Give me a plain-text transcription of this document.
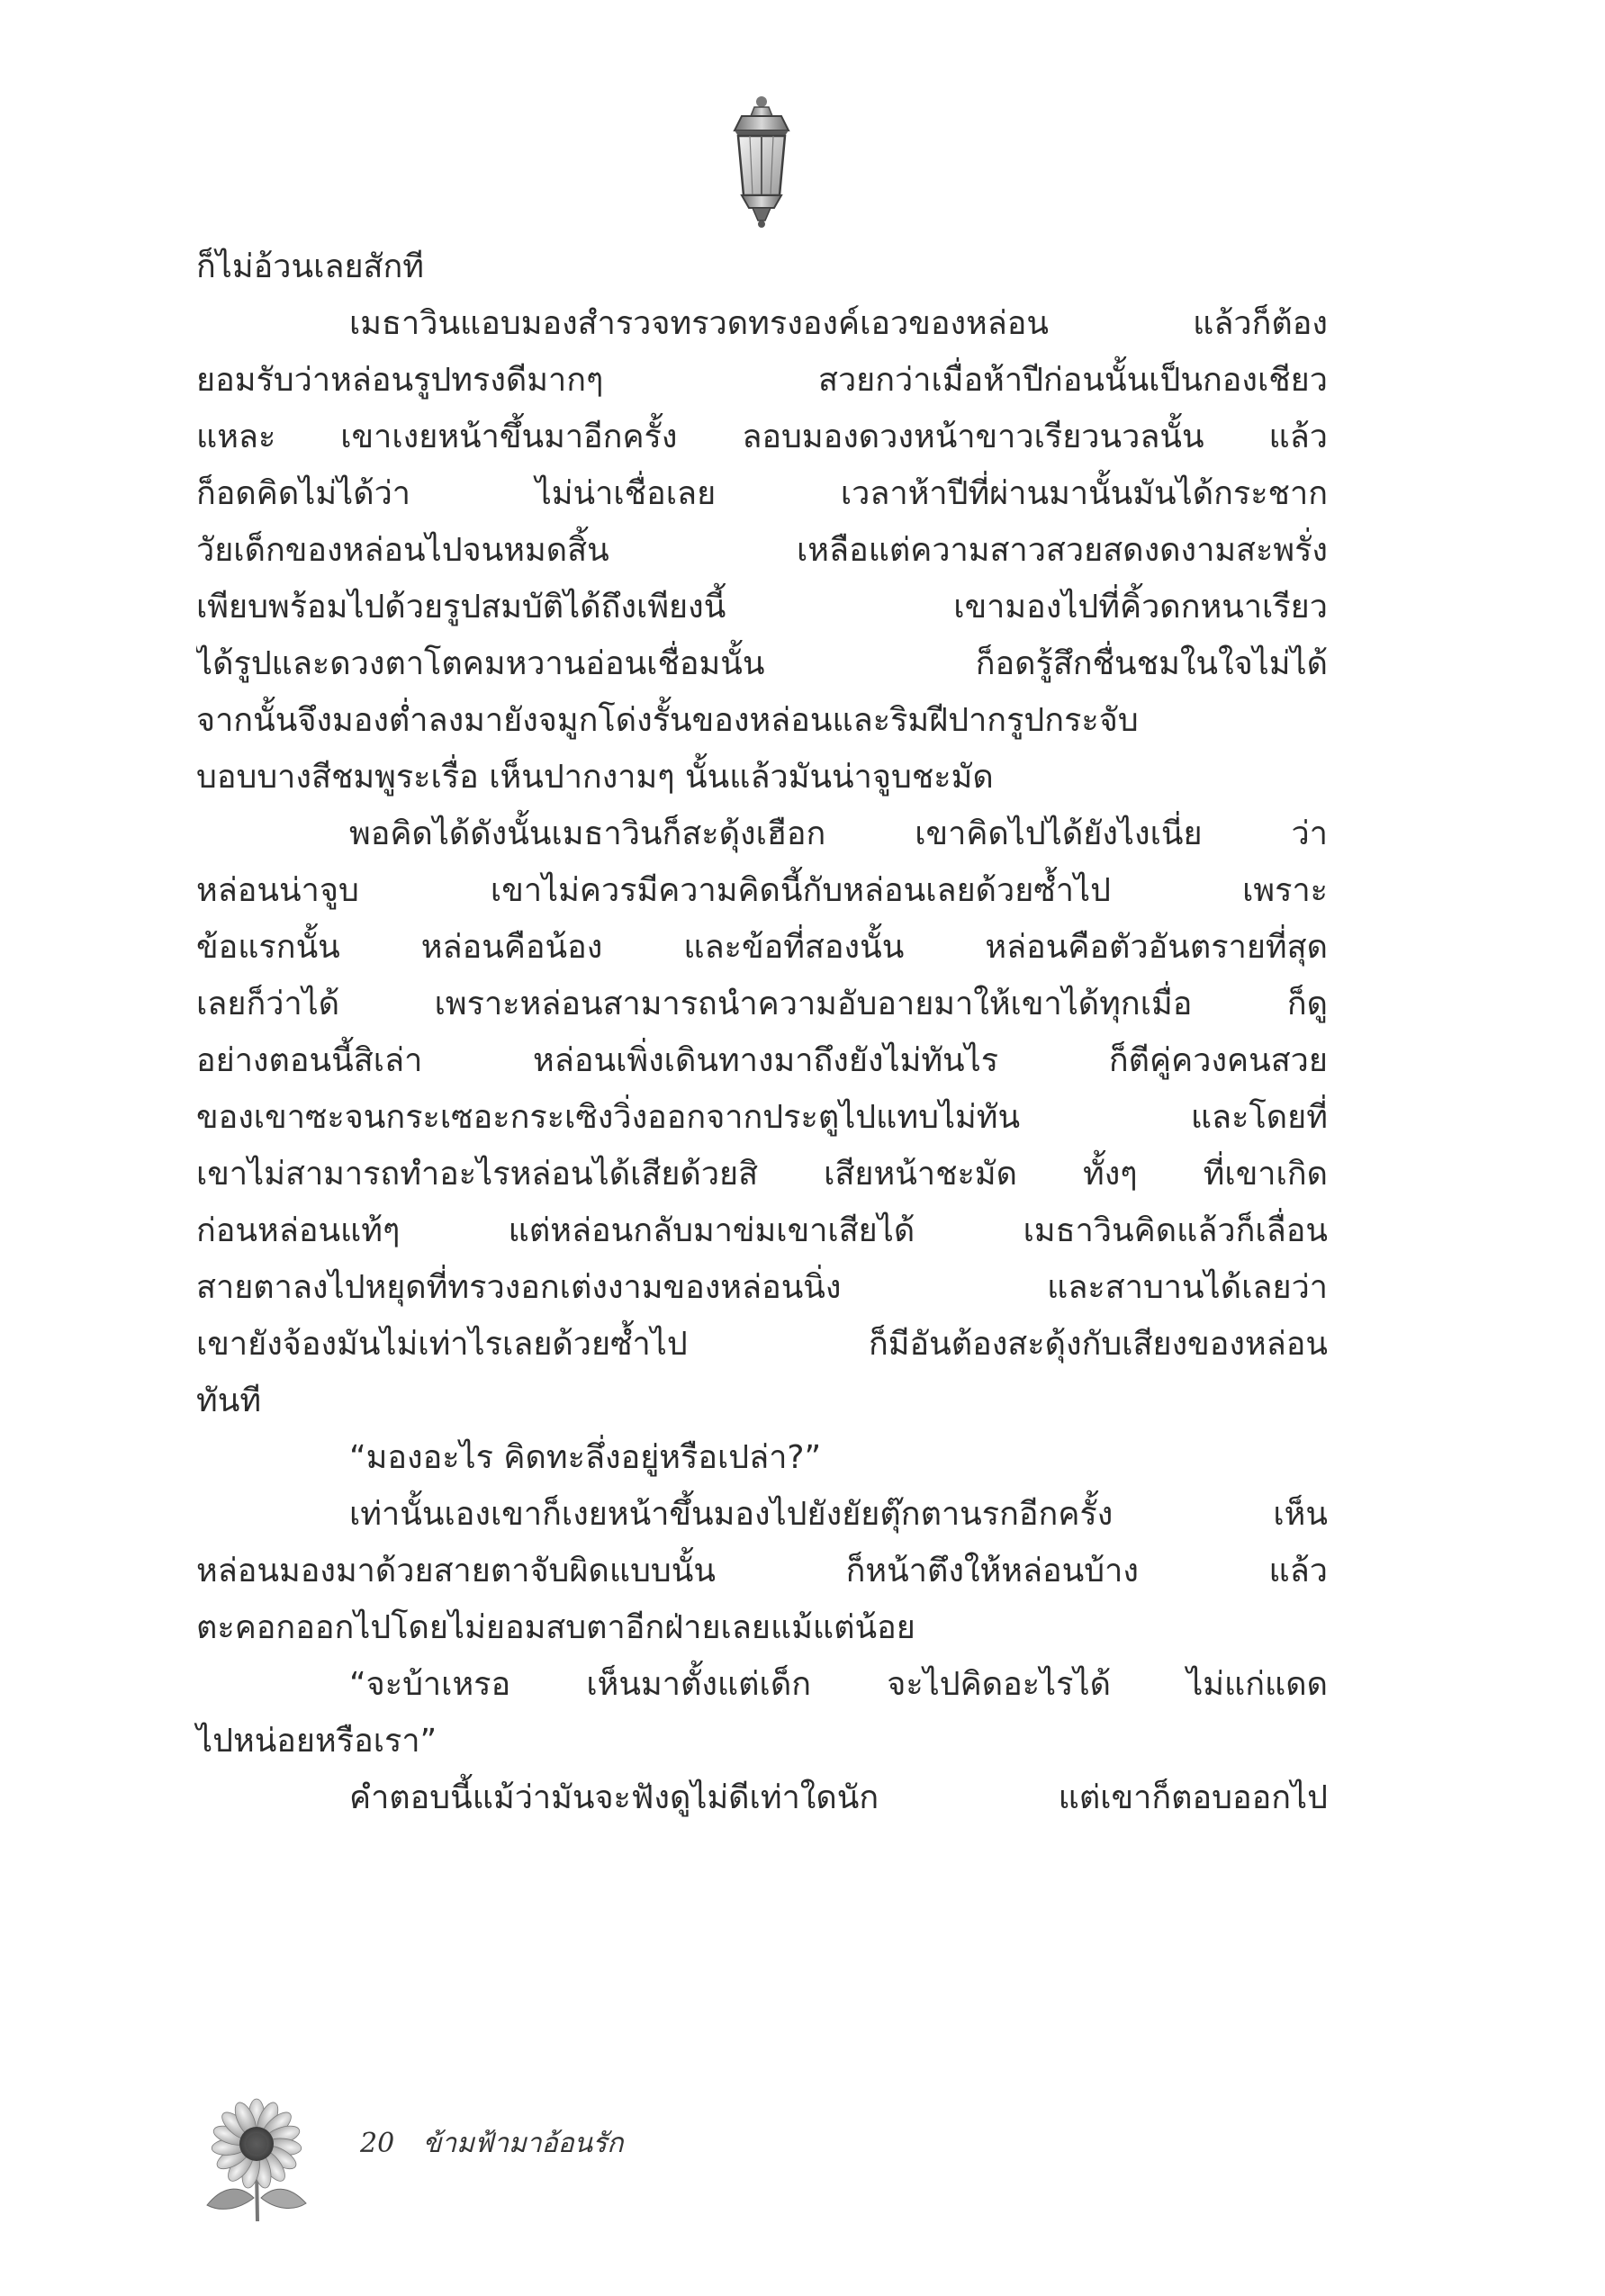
ก็ไม่อ้วนเลยสักที
เมธาวินแอบมองสำรวจทรวดทรงองค์เอวของหล่อน แล้วก็ต้อง
ยอมรับว่าหล่อนรูปทรงดีมากๆ สวยกว่าเมื่อห้าปีก่อนนั้นเป็นกองเชียว
แหละ เขาเงยหน้าขึ้นมาอีกครั้ง ลอบมองดวงหน้าขาวเรียวนวลนั้น แล้ว
ก็อดคิดไม่ได้ว่า ไม่น่าเชื่อเลย เวลาห้าปีที่ผ่านมานั้นมันได้กระชาก
วัยเด็กของหล่อนไปจนหมดสิ้น เหลือแต่ความสาวสวยสดงดงามสะพรั่ง
เพียบพร้อมไปด้วยรูปสมบัติได้ถึงเพียงนี้ เขามองไปที่คิ้วดกหนาเรียว
ได้รูปและดวงตาโตคมหวานอ่อนเชื่อมนั้น ก็อดรู้สึกชื่นชมในใจไม่ได้
จากนั้นจึงมองต่ำลงมายังจมูกโด่งรั้นของหล่อนและริมฝีปากรูปกระจับ
บอบบางสีชมพูระเรื่อ เห็นปากงามๆ นั้นแล้วมันน่าจูบชะมัด
พอคิดได้ดังนั้นเมธาวินก็สะดุ้งเฮือก เขาคิดไปได้ยังไงเนี่ย ว่า
หล่อนน่าจูบ เขาไม่ควรมีความคิดนี้กับหล่อนเลยด้วยซ้ำไป เพราะ
ข้อแรกนั้น หล่อนคือน้อง และข้อที่สองนั้น หล่อนคือตัวอันตรายที่สุด
เลยก็ว่าได้ เพราะหล่อนสามารถนำความอับอายมาให้เขาได้ทุกเมื่อ ก็ดู
อย่างตอนนี้สิเล่า หล่อนเพิ่งเดินทางมาถึงยังไม่ทันไร ก็ตีคู่ควงคนสวย
ของเขาซะจนกระเซอะกระเซิงวิ่งออกจากประตูไปแทบไม่ทัน และโดยที่
เขาไม่สามารถทำอะไรหล่อนได้เสียด้วยสิ เสียหน้าชะมัด ทั้งๆ ที่เขาเกิด
ก่อนหล่อนแท้ๆ แต่หล่อนกลับมาข่มเขาเสียได้ เมธาวินคิดแล้วก็เลื่อน
สายตาลงไปหยุดที่ทรวงอกเต่งงามของหล่อนนิ่ง และสาบานได้เลยว่า
เขายังจ้องมันไม่เท่าไรเลยด้วยซ้ำไป ก็มีอันต้องสะดุ้งกับเสียงของหล่อน
ทันที
“มองอะไร คิดทะลึ่งอยู่หรือเปล่า?”
เท่านั้นเองเขาก็เงยหน้าขึ้นมองไปยังยัยตุ๊กตานรกอีกครั้ง เห็น
หล่อนมองมาด้วยสายตาจับผิดแบบนั้น ก็หน้าตึงให้หล่อนบ้าง แล้ว
ตะคอกออกไปโดยไม่ยอมสบตาอีกฝ่ายเลยแม้แต่น้อย
“จะบ้าเหรอ เห็นมาตั้งแต่เด็ก จะไปคิดอะไรได้ ไม่แก่แดด
ไปหน่อยหรือเรา”
คำตอบนี้แม้ว่ามันจะฟังดูไม่ดีเท่าใดนัก แต่เขาก็ตอบออกไป
20 ข้ามฟ้ามาอ้อนรัก
